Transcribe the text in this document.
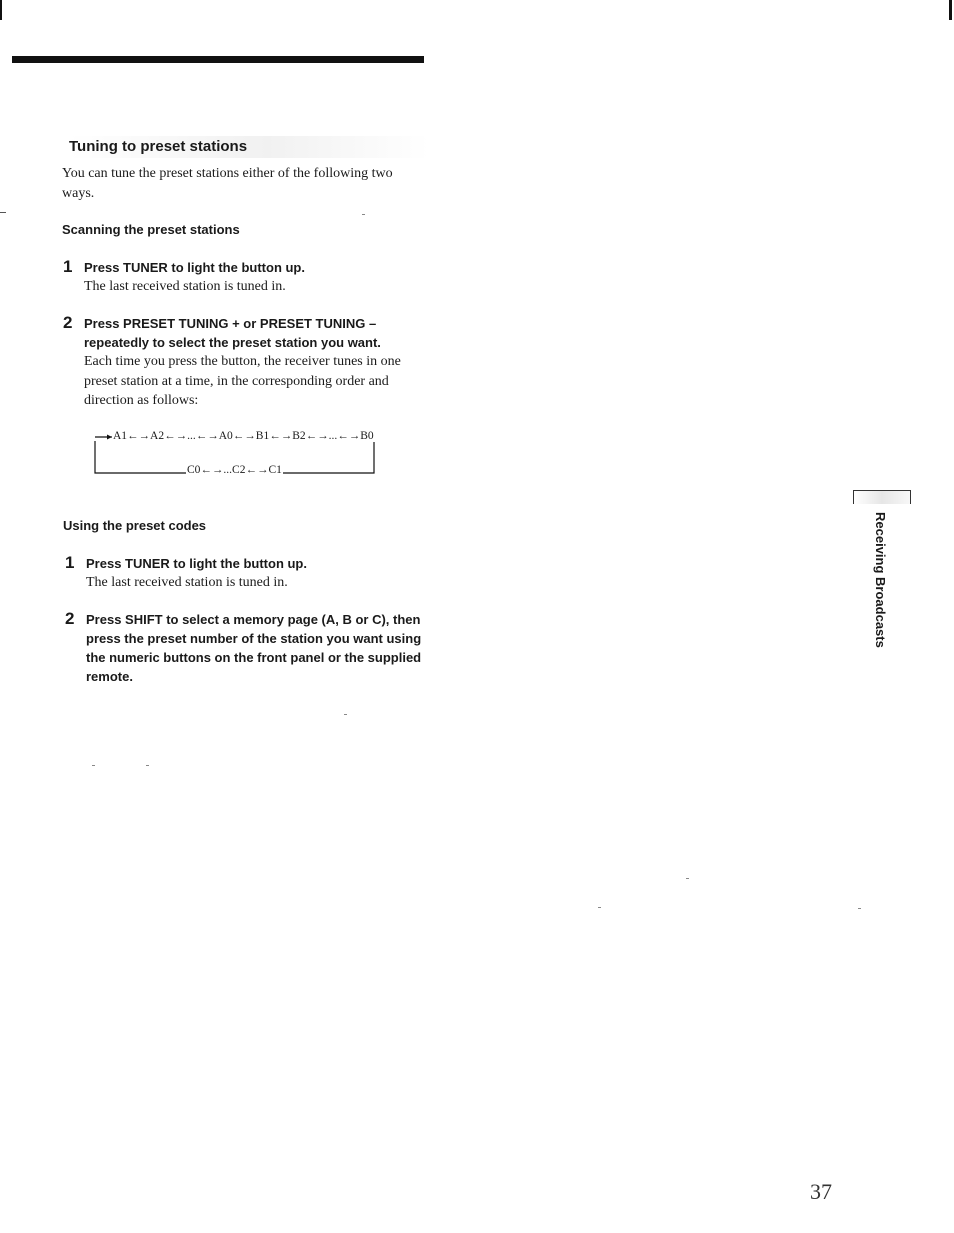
Tuning to preset stations
You can tune the preset stations either of the following two ways.
Scanning the preset stations
1 Press TUNER to light the button up.
The last received station is tuned in.
2 Press PRESET TUNING + or PRESET TUNING – repeatedly to select the preset station you want.
Each time you press the button, the receiver tunes in one preset station at a time, in the corresponding order and direction as follows:
A1←→A2←→...←→A0←→B1←→B2←→...←→B0
C0←→...C2←→C1
Using the preset codes
1 Press TUNER to light the button up.
The last received station is tuned in.
2 Press SHIFT to select a memory page (A, B or C), then press the preset number of the station you want using the numeric buttons on the front panel or the supplied remote.
Receiving Broadcasts
37
